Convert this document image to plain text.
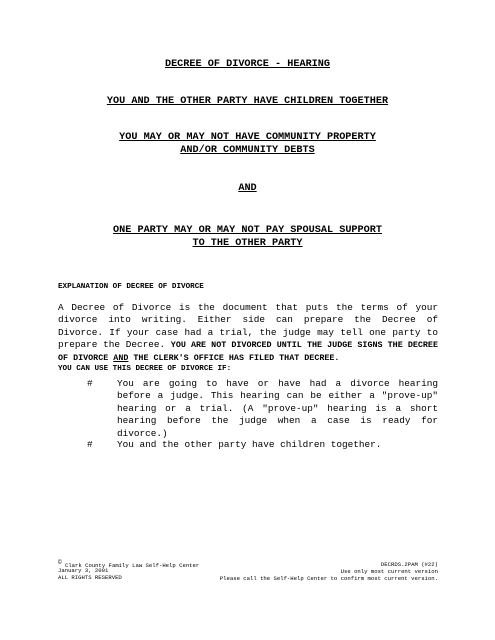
DECREE OF DIVORCE - HEARING
YOU AND THE OTHER PARTY HAVE CHILDREN TOGETHER
YOU MAY OR MAY NOT HAVE COMMUNITY PROPERTY
AND/OR COMMUNITY DEBTS
AND
ONE PARTY MAY OR MAY NOT PAY SPOUSAL SUPPORT
TO THE OTHER PARTY
EXPLANATION OF DECREE OF DIVORCE

A Decree of Divorce is the document that puts the terms of your divorce into writing. Either side can prepare the Decree of Divorce. If your case had a trial, the judge may tell one party to prepare the Decree. YOU ARE NOT DIVORCED UNTIL THE JUDGE SIGNS THE DECREE OF DIVORCE AND THE CLERK'S OFFICE HAS FILED THAT DECREE.

YOU CAN USE THIS DECREE OF DIVORCE IF:
#	You are going to have or have had a divorce hearing before a judge. This hearing can be either a "prove-up" hearing or a trial. (A "prove-up" hearing is a short hearing before the judge when a case is ready for divorce.)
#	You and the other party have children together.
© Clark County Family Law Self-Help Center
January 3, 2001
ALL RIGHTS RESERVED
DECRDS.2PAM (#22)
Use only most current version
Please call the Self-Help Center to confirm most current version.
